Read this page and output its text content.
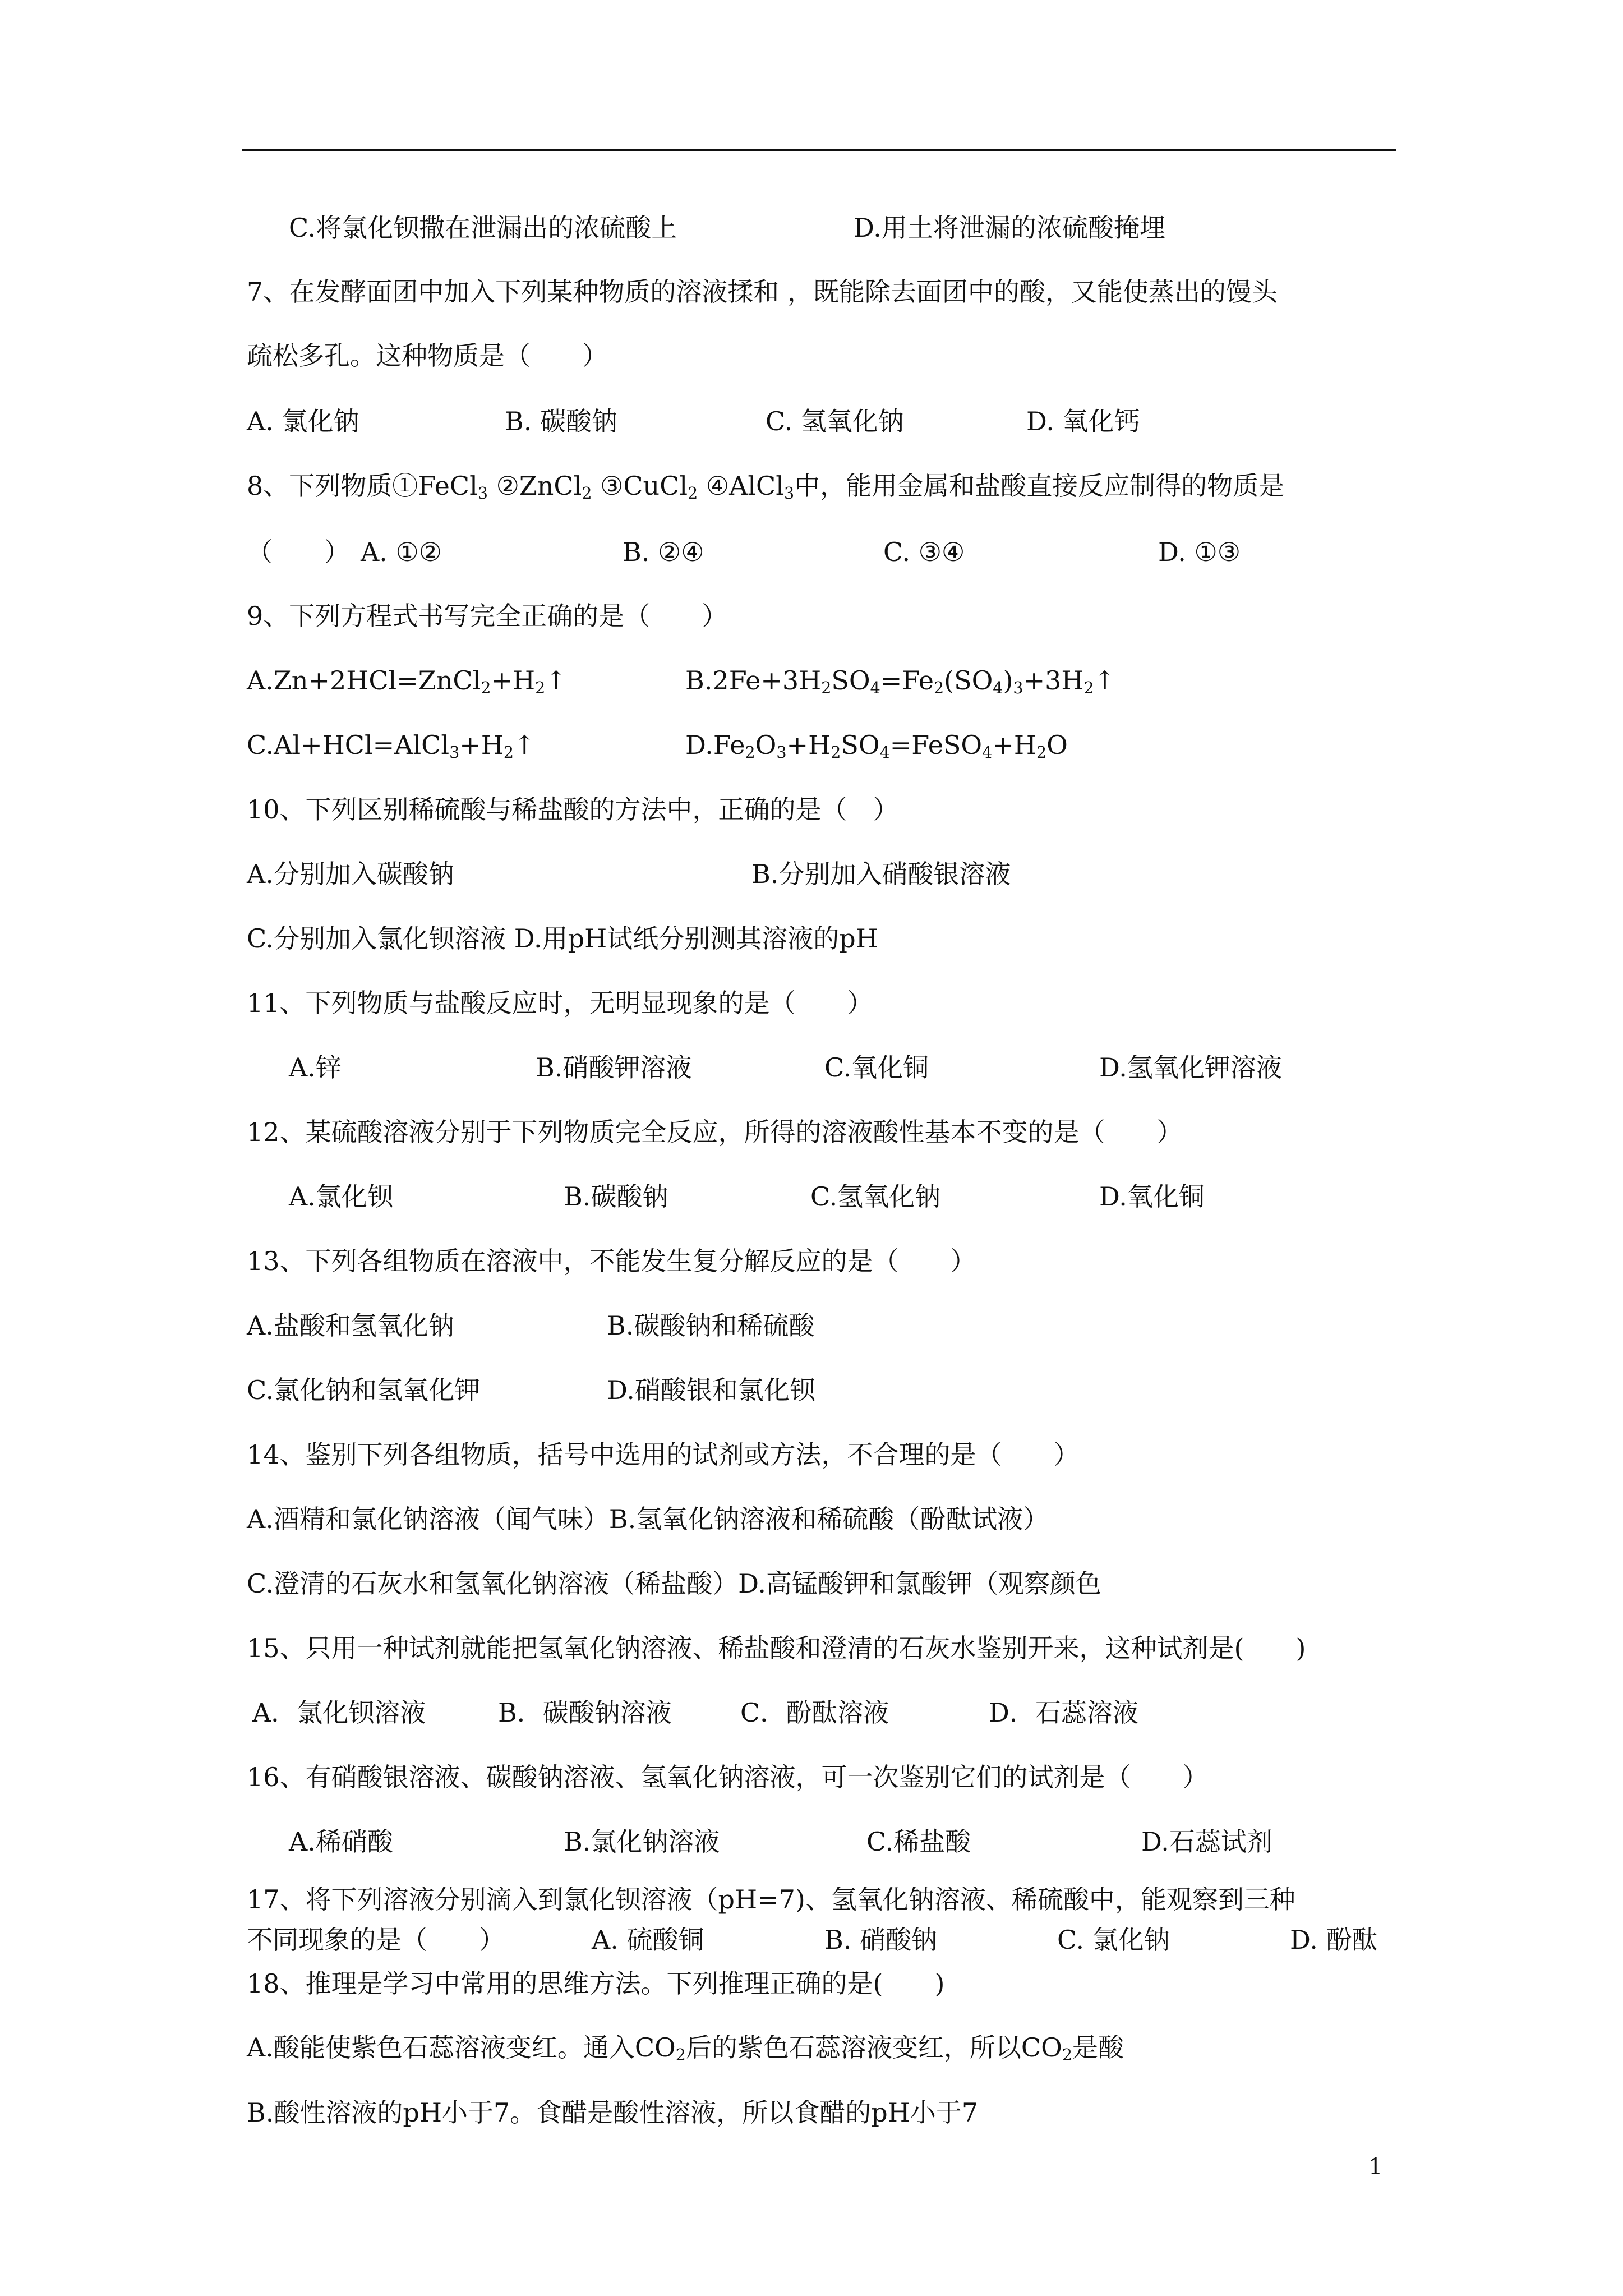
C.将氯化钡撒在泄漏出的浓硫酸上	D.用土将泄漏的浓硫酸掩埋
7、在发酵面团中加入下列某种物质的溶液揉和 ，既能除去面团中的酸，又能使蒸出的馒头
疏松多孔。这种物质是（　　）
A. 氯化钠	B. 碳酸钠	C. 氢氧化钠	D. 氧化钙
8、下列物质①FeCl$_3$ ②ZnCl$_2$ ③CuCl$_2$ ④AlCl$_3$中，能用金属和盐酸直接反应制得的物质是
（　　） A. ①②	B. ②④	C. ③④	D. ①③
9、下列方程式书写完全正确的是（　　）
$A.Zn+2HCl=ZnCl_2+H_2↑$	$B.2Fe+3H_2SO_4=Fe_2(SO_4)_3+3H_2↑$
$C.Al+HCl=AlCl_3+H_2↑$	$D.Fe_2O_3+H_2SO_4=FeSO_4+H_2O$
10、下列区别稀硫酸与稀盐酸的方法中，正确的是（　）
A.分别加入碳酸钠	B.分别加入硝酸银溶液
C.分别加入氯化钡溶液 D.用pH试纸分别测其溶液的pH
11、下列物质与盐酸反应时，无明显现象的是（　　）
A.锌	B.硝酸钾溶液	C.氧化铜	D.氢氧化钾溶液
12、某硫酸溶液分别于下列物质完全反应，所得的溶液酸性基本不变的是（　　）
A.氯化钡	B.碳酸钠	C.氢氧化钠	D.氧化铜
13、下列各组物质在溶液中，不能发生复分解反应的是（　　）
A.盐酸和氢氧化钠	B.碳酸钠和稀硫酸
C.氯化钠和氢氧化钾	D.硝酸银和氯化钡
14、鉴别下列各组物质，括号中选用的试剂或方法，不合理的是（　　）
A.酒精和氯化钠溶液（闻气味）B.氢氧化钠溶液和稀硫酸（酚酞试液）
C.澄清的石灰水和氢氧化钠溶液（稀盐酸）D.高锰酸钾和氯酸钾（观察颜色
15、只用一种试剂就能把氢氧化钠溶液、稀盐酸和澄清的石灰水鉴别开来，这种试剂是(　　)
A．氯化钡溶液	B．碳酸钠溶液	C．酚酞溶液	D．石蕊溶液
16、有硝酸银溶液、碳酸钠溶液、氢氧化钠溶液，可一次鉴别它们的试剂是（　　）
A.稀硝酸	B.氯化钠溶液	C.稀盐酸	D.石蕊试剂
17、将下列溶液分别滴入到氯化钡溶液（pH=7)、氢氧化钠溶液、稀硫酸中，能观察到三种
不同现象的是（　　）	A. 硫酸铜	B. 硝酸钠	C. 氯化钠	D. 酚酞
18、推理是学习中常用的思维方法。下列推理正确的是(　　)
A.酸能使紫色石蕊溶液变红。通入$CO_2$后的紫色石蕊溶液变红，所以$CO_2$是酸
B.酸性溶液的pH小于7。食醋是酸性溶液，所以食醋的pH小于7
1
